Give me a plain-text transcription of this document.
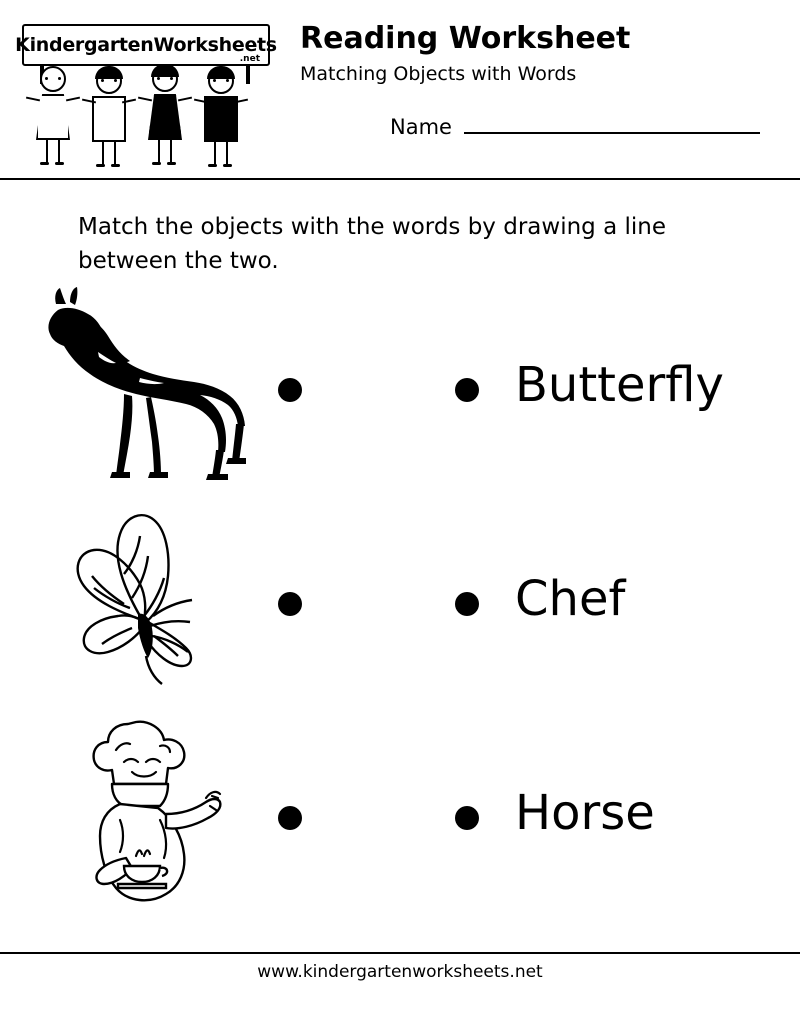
KindergartenWorksheets
.net
Reading Worksheet

Matching Objects with Words

Name
Match the objects with the words by drawing a line between the two.
Butterfly
Chef
Horse
www.kindergartenworksheets.net
